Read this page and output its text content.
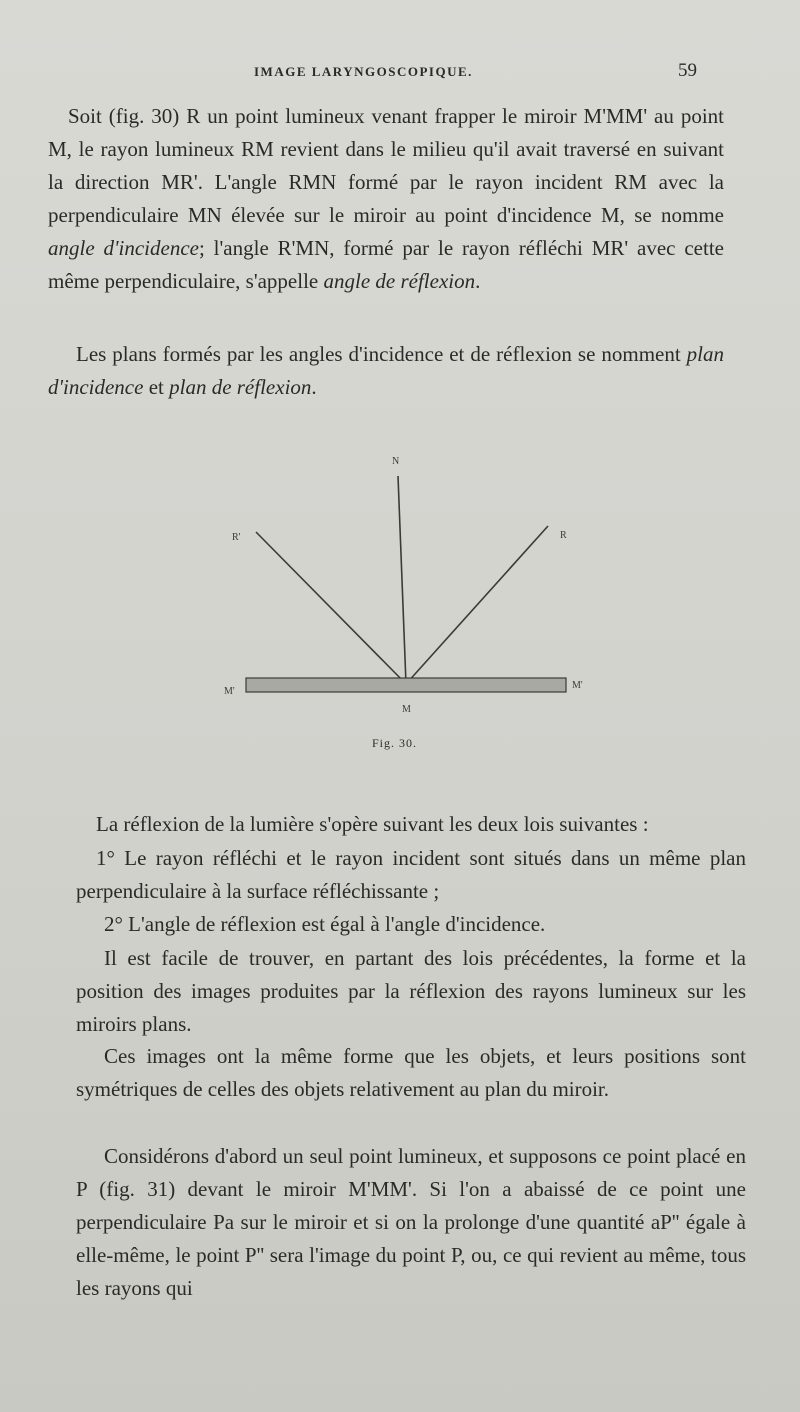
IMAGE LARYNGOSCOPIQUE.	59

Soit (fig. 30) R un point lumineux venant frapper le miroir M'MM' au point M, le rayon lumineux RM revient dans le milieu qu'il avait traversé en suivant la direction MR'. L'angle RMN formé par le rayon incident RM avec la perpendiculaire MN élevée sur le miroir au point d'incidence M, se nomme angle d'incidence; l'angle R'MN, formé par le rayon réfléchi MR' avec cette même perpendiculaire, s'appelle angle de réflexion.

Les plans formés par les angles d'incidence et de réflexion se nomment plan d'incidence et plan de réflexion.

N
R'	R
M'
M
M'
Fig. 30.

La réflexion de la lumière s'opère suivant les deux lois suivantes :

1° Le rayon réfléchi et le rayon incident sont situés dans un même plan perpendiculaire à la surface réfléchissante ;

2° L'angle de réflexion est égal à l'angle d'incidence.

Il est facile de trouver, en partant des lois précédentes, la forme et la position des images produites par la réflexion des rayons lumineux sur les miroirs plans.

Ces images ont la même forme que les objets, et leurs positions sont symétriques de celles des objets relativement au plan du miroir.

Considérons d'abord un seul point lumineux, et supposons ce point placé en P (fig. 31) devant le miroir M'MM'. Si l'on a abaissé de ce point une perpendiculaire Pa sur le miroir et si on la prolonge d'une quantité aP'' égale à elle-même, le point P'' sera l'image du point P, ou, ce qui revient au même, tous les rayons qui
